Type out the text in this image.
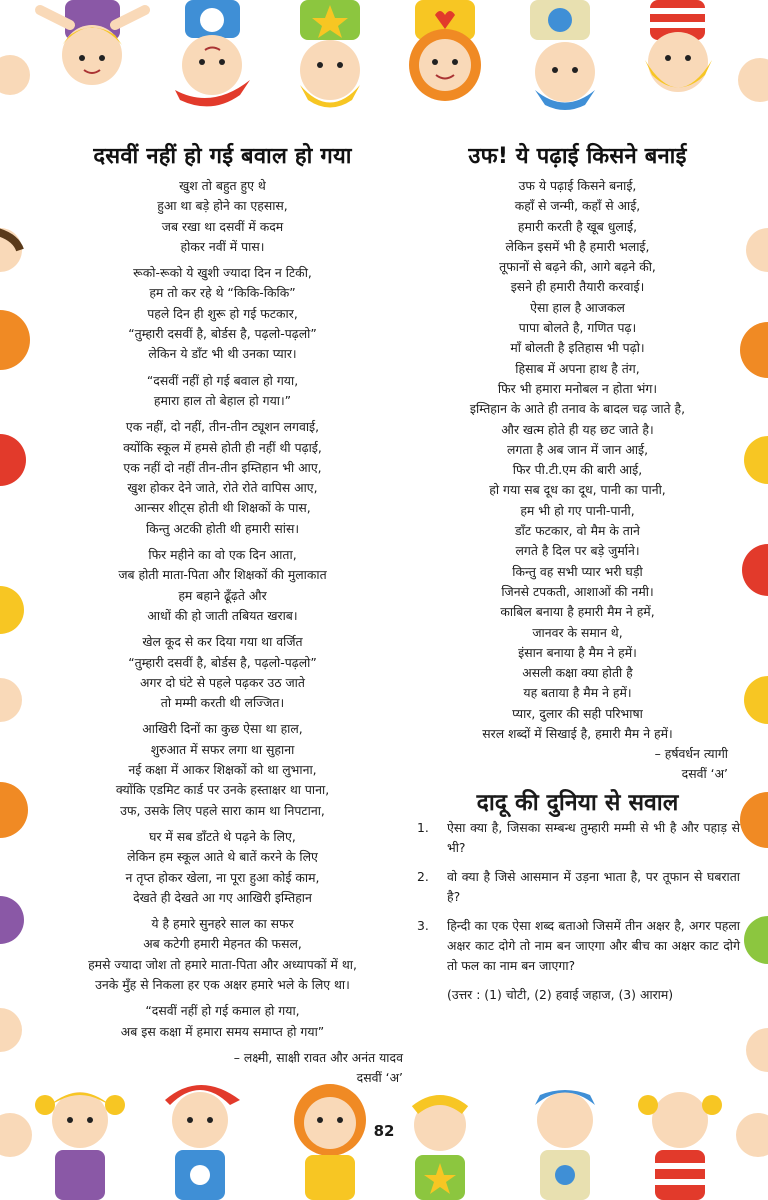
दसवीं नहीं हो गई बवाल हो गया
खुश तो बहुत हुए थे
हुआ था बड़े होने का एहसास,
जब रखा था दसवीं में कदम
होकर नवीं में पास।
रूको-रूको ये खुशी ज्यादा दिन न टिकी,
हम तो कर रहे थे “किकि-किकि”
पहले दिन ही शुरू हो गई फटकार,
“तुम्हारी दसवीं है, बोर्डस है, पढ़लो-पढ़लो”
लेकिन ये डाँट भी थी उनका प्यार।
“दसवीं नहीं हो गई बवाल हो गया,
हमारा हाल तो बेहाल हो गया।”
एक नहीं, दो नहीं, तीन-तीन ट्यूशन लगवाई,
क्योंकि स्कूल में हमसे होती ही नहीं थी पढ़ाई,
एक नहीं दो नहीं तीन-तीन इम्तिहान भी आए,
खुश होकर देने जाते, रोते रोते वापिस आए,
आन्सर शीट्स होती थी शिक्षकों के पास,
किन्तु अटकी होती थी हमारी सांस।
फिर महीने का वो एक दिन आता,
जब होती माता-पिता और शिक्षकों की मुलाकात
हम बहाने ढूँढ़ते और
आधों की हो जाती तबियत खराब।
खेल कूद से कर दिया गया था वर्जित
“तुम्हारी दसवीं है, बोर्डस है, पढ़लो-पढ़लो”
अगर दो घंटे से पहले पढ़कर उठ जाते
तो मम्मी करती थी लज्जित।
आखिरी दिनों का कुछ ऐसा था हाल,
शुरुआत में सफर लगा था सुहाना
नई कक्षा में आकर शिक्षकों को था लुभाना,
क्योंकि एडमिट कार्ड पर उनके हस्ताक्षर था पाना,
उफ, उसके लिए पहले सारा काम था निपटाना,
घर में सब डाँटते थे पढ़ने के लिए,
लेकिन हम स्कूल आते थे बातें करने के लिए
न तृप्त होकर खेला, ना पूरा हुआ कोई काम,
देखते ही देखते आ गए आखिरी इम्तिहान
ये है हमारे सुनहरे साल का सफर
अब कटेगी हमारी मेहनत की फसल,
हमसे ज्यादा जोश तो हमारे माता-पिता और अध्यापकों में था,
उनके मुँह से निकला हर एक अक्षर हमारे भले के लिए था।
“दसवीं नहीं हो गई कमाल हो गया,
अब इस कक्षा में हमारा समय समाप्त हो गया”
– लक्ष्मी, साक्षी रावत और अनंत यादव
दसवीं ‘अ’
उफ! ये पढ़ाई किसने बनाई
उफ ये पढ़ाई किसने बनाई,
कहाँ से जन्मी, कहाँ से आई,
हमारी करती है खूब धुलाई,
लेकिन इसमें भी है हमारी भलाई,
तूफानों से बढ़ने की, आगे बढ़ने की,
इसने ही हमारी तैयारी करवाई।
ऐसा हाल है आजकल
पापा बोलते है, गणित पढ़।
माँ बोलती है इतिहास भी पढ़ो।
हिसाब में अपना हाथ है तंग,
फिर भी हमारा मनोबल न होता भंग।
इम्तिहान के आते ही तनाव के बादल चढ़ जाते है,
और खत्म होते ही यह छट जाते है।
लगता है अब जान में जान आई,
फिर पी.टी.एम की बारी आई,
हो गया सब दूध का दूध, पानी का पानी,
हम भी हो गए पानी-पानी,
डाँट फटकार, वो मैम के ताने
लगते है दिल पर बड़े जुर्माने।
किन्तु वह सभी प्यार भरी घड़ी
जिनसे टपकती, आशाओं की नमी।
काबिल बनाया है हमारी मैम ने हमें,
जानवर के समान थे,
इंसान बनाया है मैम ने हमें।
असली कक्षा क्या होती है
यह बताया है मैम ने हमें।
प्यार, दुलार की सही परिभाषा
सरल शब्दों में सिखाई है, हमारी मैम ने हमें।
– हर्षवर्धन त्यागी
दसवीं ‘अ’
दादू की दुनिया से सवाल
1.	ऐसा क्या है, जिसका सम्बन्ध तुम्हारी मम्मी से भी है और पहाड़ से भी?
2.	वो क्या है जिसे आसमान में उड़ना भाता है, पर तूफान से घबराता है?
3.	हिन्दी का एक ऐसा शब्द बताओ जिसमें तीन अक्षर है, अगर पहला अक्षर काट दोगे तो नाम बन जाएगा और बीच का अक्षर काट दोगे तो फल का नाम बन जाएगा?
(उत्तर : (1) चोटी, (2) हवाई जहाज, (3) आराम)
82
